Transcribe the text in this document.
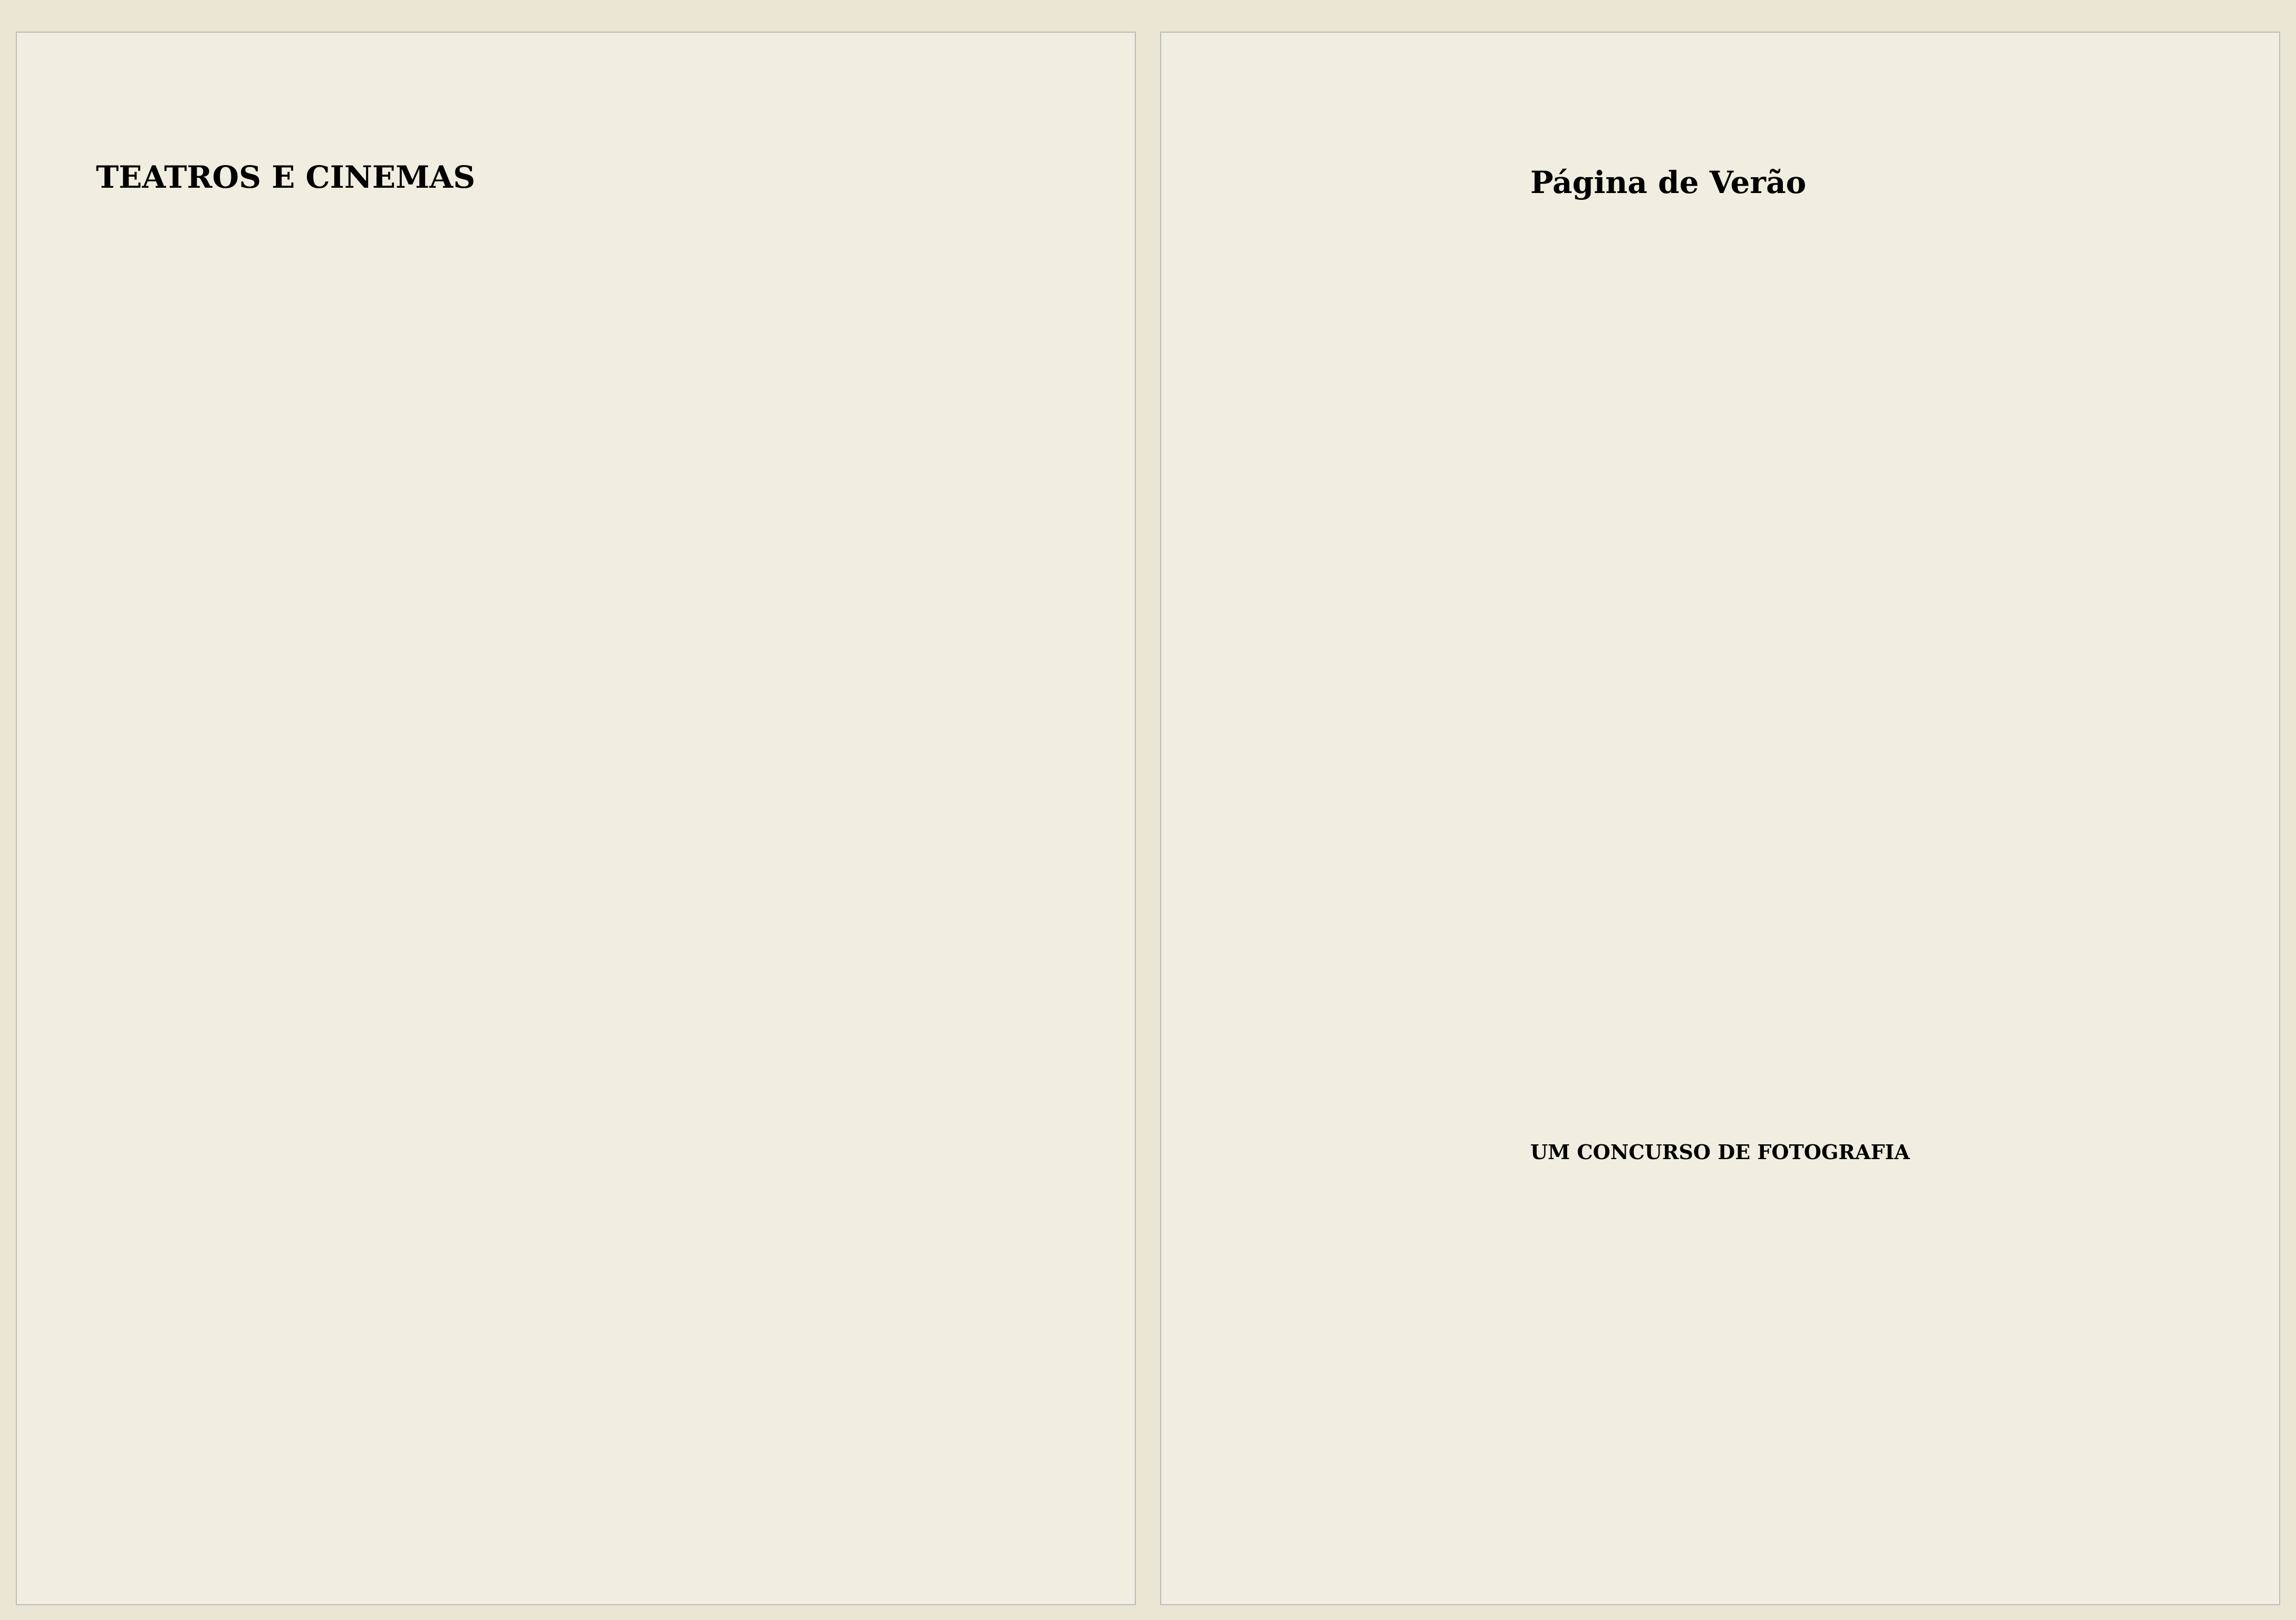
TEATROS E CINEMAS	Página de Verão
UM CONCURSO DE FOTOGRAFIA
